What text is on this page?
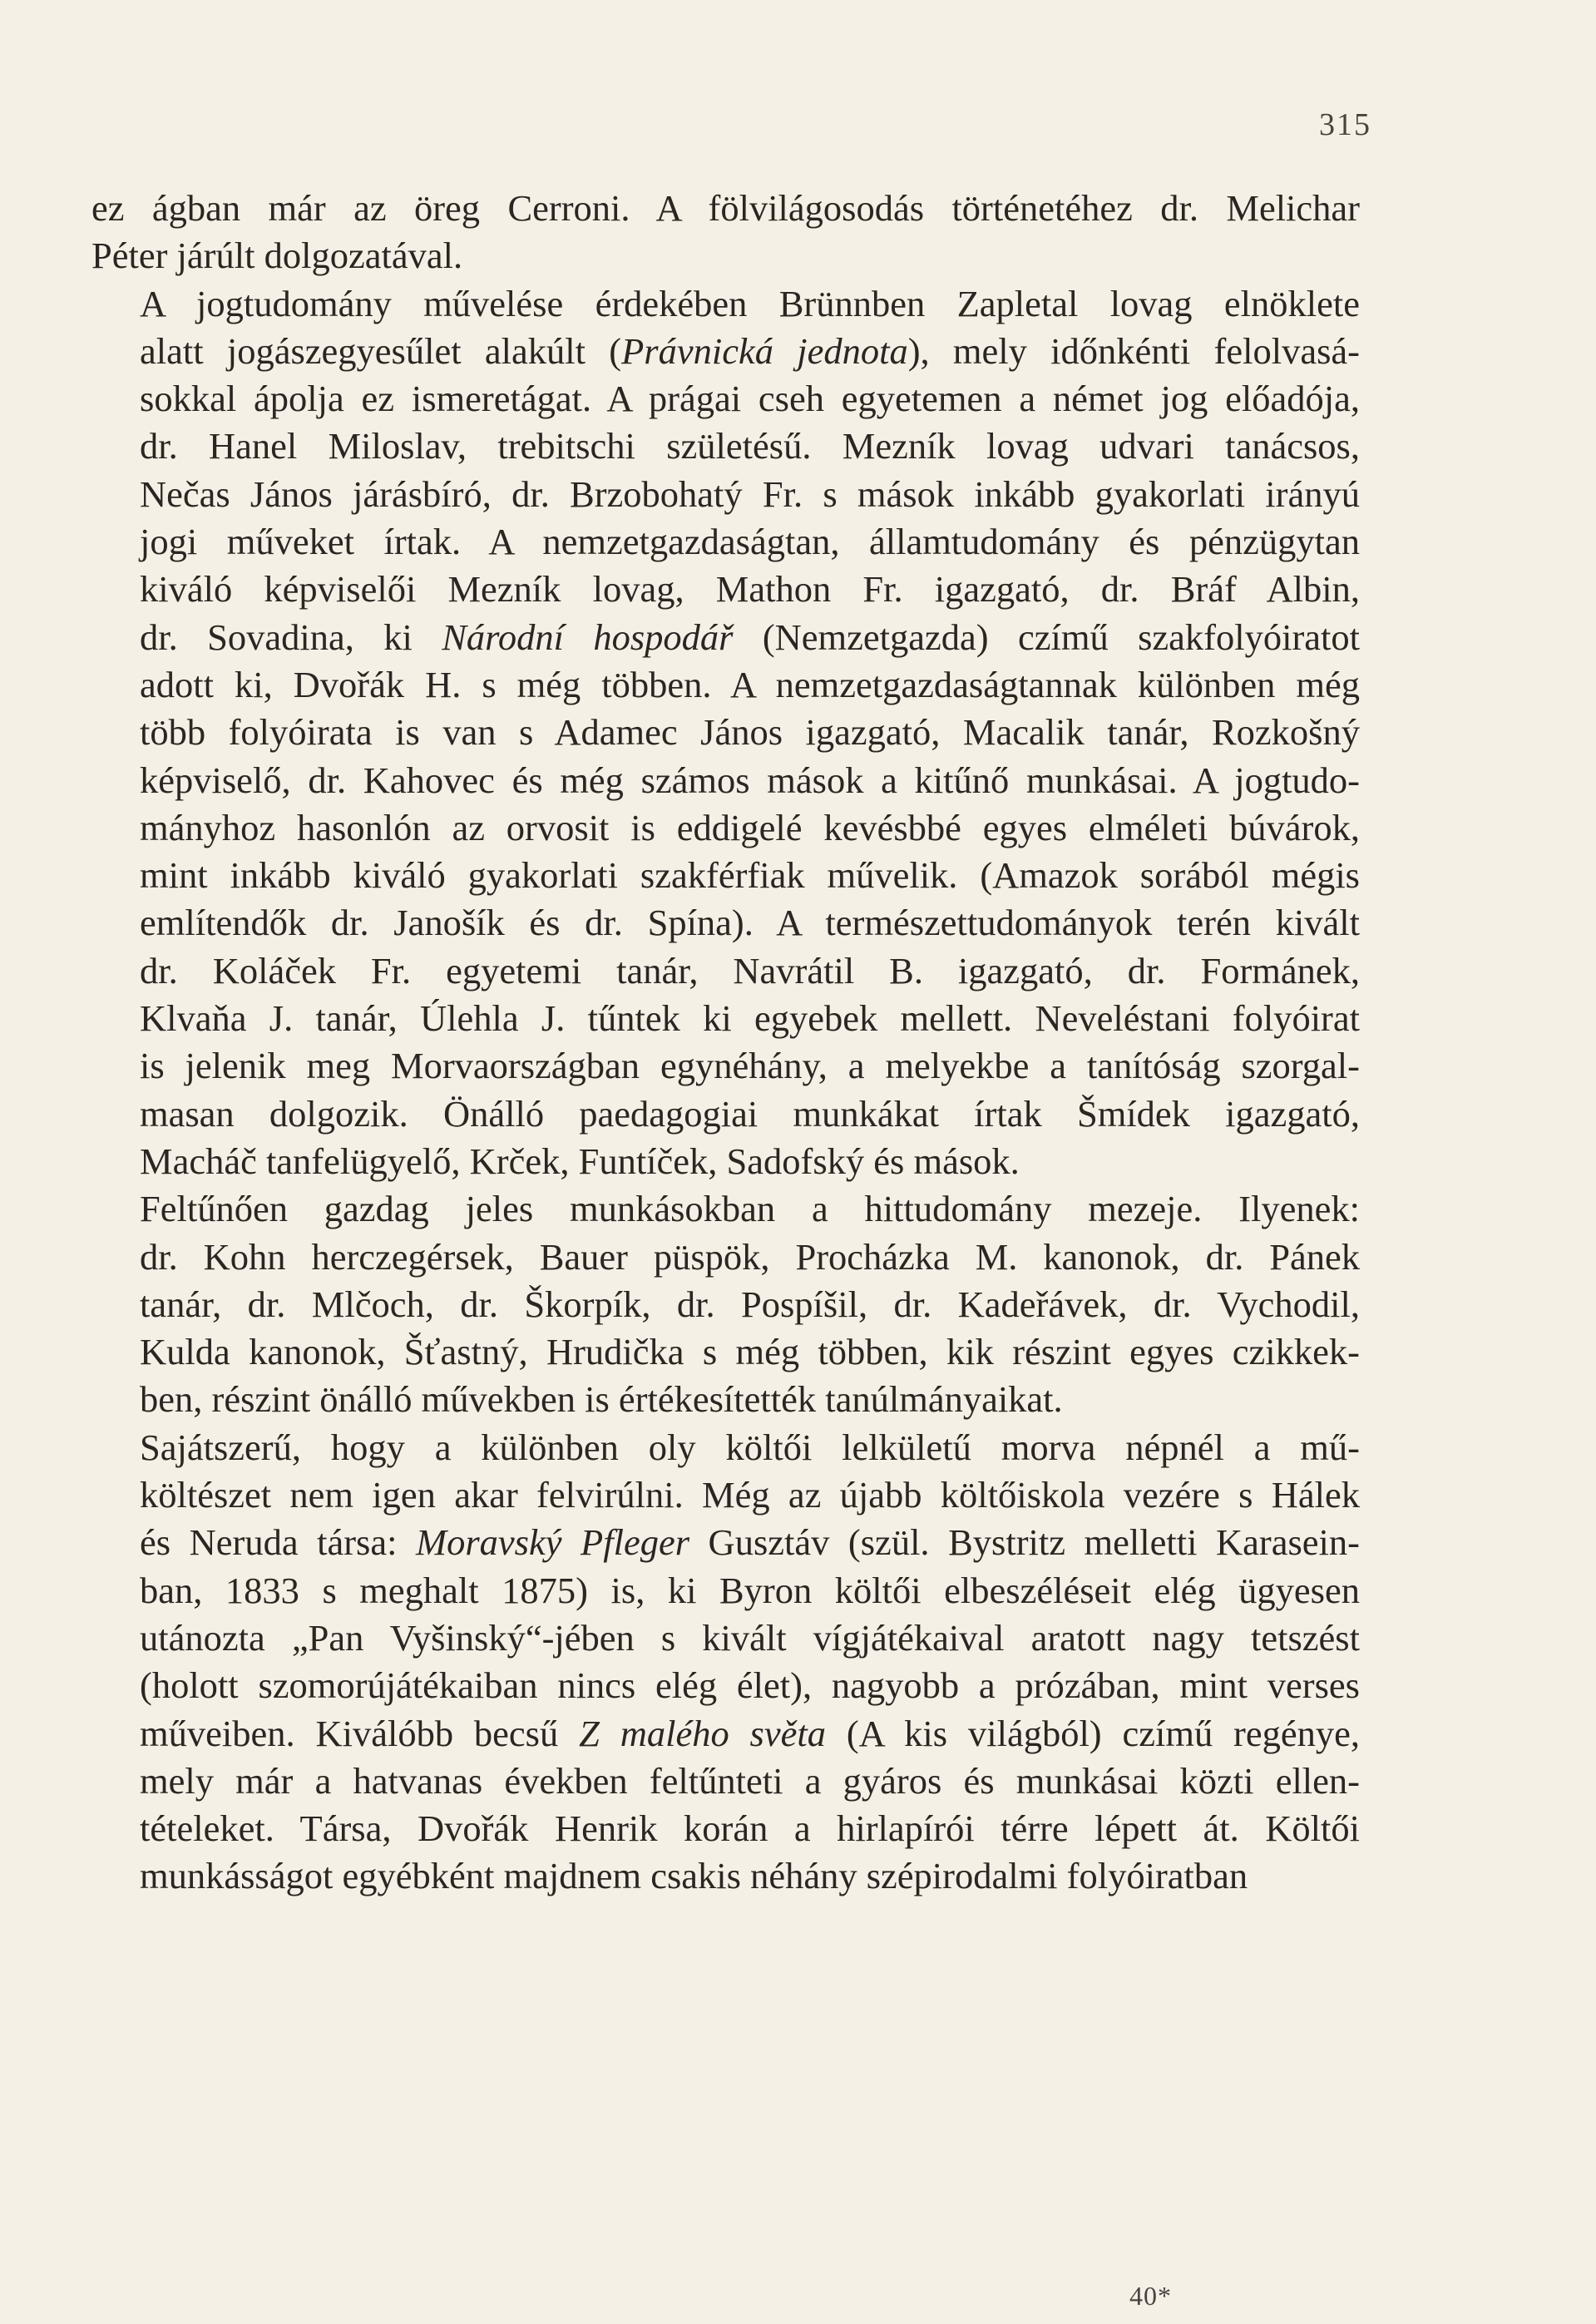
315
ez ágban már az öreg Cerroni. A fölvilágosodás történetéhez dr. Melichar
Péter járúlt dolgozatával.
A jogtudomány művelése érdekében Brünnben Zapletal lovag elnöklete
alatt jogászegyesűlet alakúlt (Právnická jednota), mely időnkénti felolvasá-
sokkal ápolja ez ismeretágat. A prágai cseh egyetemen a német jog előadója,
dr. Hanel Miloslav, trebitschi születésű. Mezník lovag udvari tanácsos,
Nečas János járásbíró, dr. Brzobohatý Fr. s mások inkább gyakorlati irányú
jogi műveket írtak. A nemzetgazdaságtan, államtudomány és pénzügytan
kiváló képviselői Mezník lovag, Mathon Fr. igazgató, dr. Bráf Albin,
dr. Sovadina, ki Národní hospodář (Nemzetgazda) czímű szakfolyóiratot
adott ki, Dvořák H. s még többen. A nemzetgazdaságtannak különben még
több folyóirata is van s Adamec János igazgató, Macalik tanár, Rozkošný
képviselő, dr. Kahovec és még számos mások a kitűnő munkásai. A jogtudo-
mányhoz hasonlón az orvosit is eddigelé kevésbbé egyes elméleti búvárok,
mint inkább kiváló gyakorlati szakférfiak művelik. (Amazok sorából mégis
említendők dr. Janošík és dr. Spína). A természettudományok terén kivált
dr. Koláček Fr. egyetemi tanár, Navrátil B. igazgató, dr. Formánek,
Klvaňa J. tanár, Úlehla J. tűntek ki egyebek mellett. Neveléstani folyóirat
is jelenik meg Morvaországban egynéhány, a melyekbe a tanítóság szorgal-
masan dolgozik. Önálló paedagogiai munkákat írtak Šmídek igazgató,
Macháč tanfelügyelő, Krček, Funtíček, Sadofský és mások.
Feltűnően gazdag jeles munkásokban a hittudomány mezeje. Ilyenek:
dr. Kohn herczegérsek, Bauer püspök, Procházka M. kanonok, dr. Pánek
tanár, dr. Mlčoch, dr. Škorpík, dr. Pospíšil, dr. Kadeřávek, dr. Vychodil,
Kulda kanonok, Šťastný, Hrudička s még többen, kik részint egyes czikkek-
ben, részint önálló művekben is értékesítették tanúlmányaikat.
Sajátszerű, hogy a különben oly költői lelkületű morva népnél a mű-
költészet nem igen akar felvirúlni. Még az újabb költőiskola vezére s Hálek
és Neruda társa: Moravský Pfleger Gusztáv (szül. Bystritz melletti Karasein-
ban, 1833 s meghalt 1875) is, ki Byron költői elbeszéléseit elég ügyesen
utánozta „Pan Vyšinský“-jében s kivált vígjátékaival aratott nagy tetszést
(holott szomorújátékaiban nincs elég élet), nagyobb a prózában, mint verses
műveiben. Kiválóbb becsű Z malého světa (A kis világból) czímű regénye,
mely már a hatvanas években feltűnteti a gyáros és munkásai közti ellen-
tételeket. Társa, Dvořák Henrik korán a hirlapírói térre lépett át. Költői
munkásságot egyébként majdnem csakis néhány szépirodalmi folyóiratban
40*
